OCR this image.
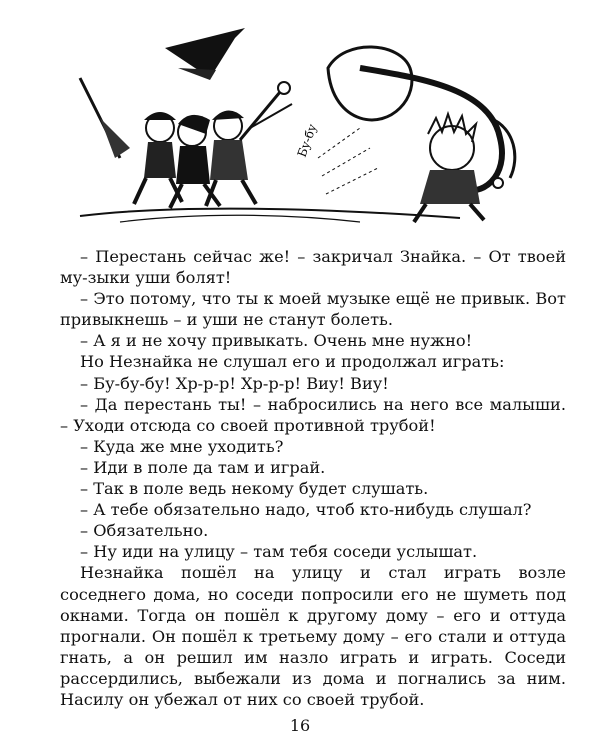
Бу-бу

– Перестань сейчас же! – закричал Знайка. – От твоей му-зыки уши болят!

– Это потому, что ты к моей музыке ещё не привык. Вот привыкнешь – и уши не станут болеть.

– А я и не хочу привыкать. Очень мне нужно!

Но Незнайка не слушал его и продолжал играть:

– Бу-бу-бу! Хр-р-р! Хр-р-р! Виу! Виу!

– Да перестань ты! – набросились на него все малыши. – Уходи отсюда со своей противной трубой!

– Куда же мне уходить?

– Иди в поле да там и играй.

– Так в поле ведь некому будет слушать.

– А тебе обязательно надо, чтоб кто-нибудь слушал?

– Обязательно.

– Ну иди на улицу – там тебя соседи услышат.

Незнайка пошёл на улицу и стал играть возле соседнего дома, но соседи попросили его не шуметь под окнами. Тогда он пошёл к другому дому – его и оттуда прогнали. Он пошёл к третьему дому – его стали и оттуда гнать, а он решил им назло играть и играть. Соседи рассердились, выбежали из дома и погнались за ним. Насилу он убежал от них со своей трубой.

16
